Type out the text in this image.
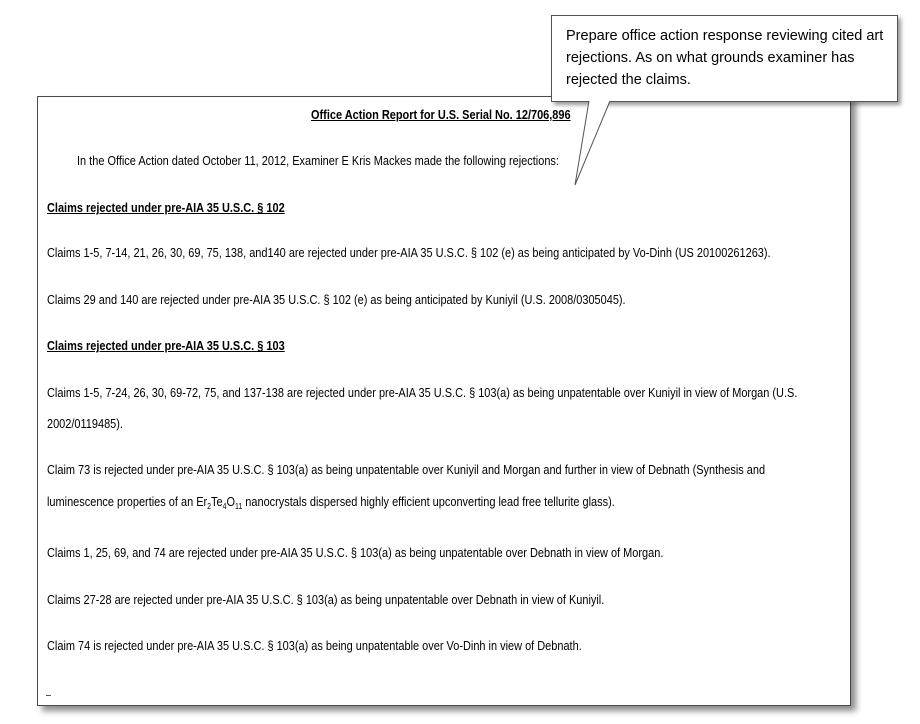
Office Action Report for U.S. Serial No. 12/706,896
In the Office Action dated October 11, 2012, Examiner E Kris Mackes made the following rejections:
Claims rejected under pre-AIA 35 U.S.C. § 102
Claims 1-5, 7-14, 21, 26, 30, 69, 75, 138, and140 are rejected under pre-AIA 35 U.S.C. § 102 (e) as being anticipated by Vo-Dinh (US 20100261263).
Claims 29 and 140 are rejected under pre-AIA 35 U.S.C. § 102 (e) as being anticipated by Kuniyil (U.S. 2008/0305045).
Claims rejected under pre-AIA 35 U.S.C. § 103
Claims 1-5, 7-24, 26, 30, 69-72, 75, and 137-138 are rejected under pre-AIA 35 U.S.C. § 103(a) as being unpatentable over Kuniyil in view of Morgan (U.S.
2002/0119485).
Claim 73 is rejected under pre-AIA 35 U.S.C. § 103(a) as being unpatentable over Kuniyil and Morgan and further in view of Debnath (Synthesis and
luminescence properties of an $Er_2Te_4O_{11}$ nanocrystals dispersed highly efficient upconverting lead free tellurite glass).
Claims 1, 25, 69, and 74 are rejected under pre-AIA 35 U.S.C. § 103(a) as being unpatentable over Debnath in view of Morgan.
Claims 27-28 are rejected under pre-AIA 35 U.S.C. § 103(a) as being unpatentable over Debnath in view of Kuniyil.
Claim 74 is rejected under pre-AIA 35 U.S.C. § 103(a) as being unpatentable over Vo-Dinh in view of Debnath.
Prepare office action response reviewing cited art rejections. As on what grounds examiner has rejected the claims.
